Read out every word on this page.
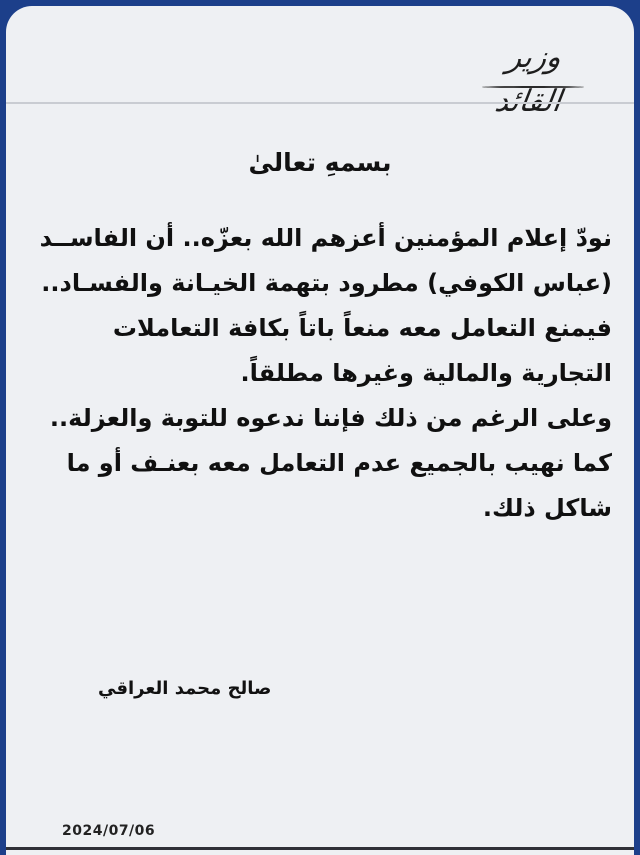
وزير القائد
بسمهِ تعالىٰ

نودّ إعلام المؤمنين أعزهم الله بعزّه.. أن الفاســد (عباس الكوفي) مطرود بتهمة الخيـانة والفسـاد.. فيمنع التعامل معه منعاً باتاً بكافة التعاملات التجارية والمالية وغيرها مطلقاً.

وعلى الرغم من ذلك فإننا ندعوه للتوبة والعزلة.. كما نهيب بالجميع عدم التعامل معه بعنـف أو ما شاكل ذلك.

صالح محمد العراقي
2024/07/06
